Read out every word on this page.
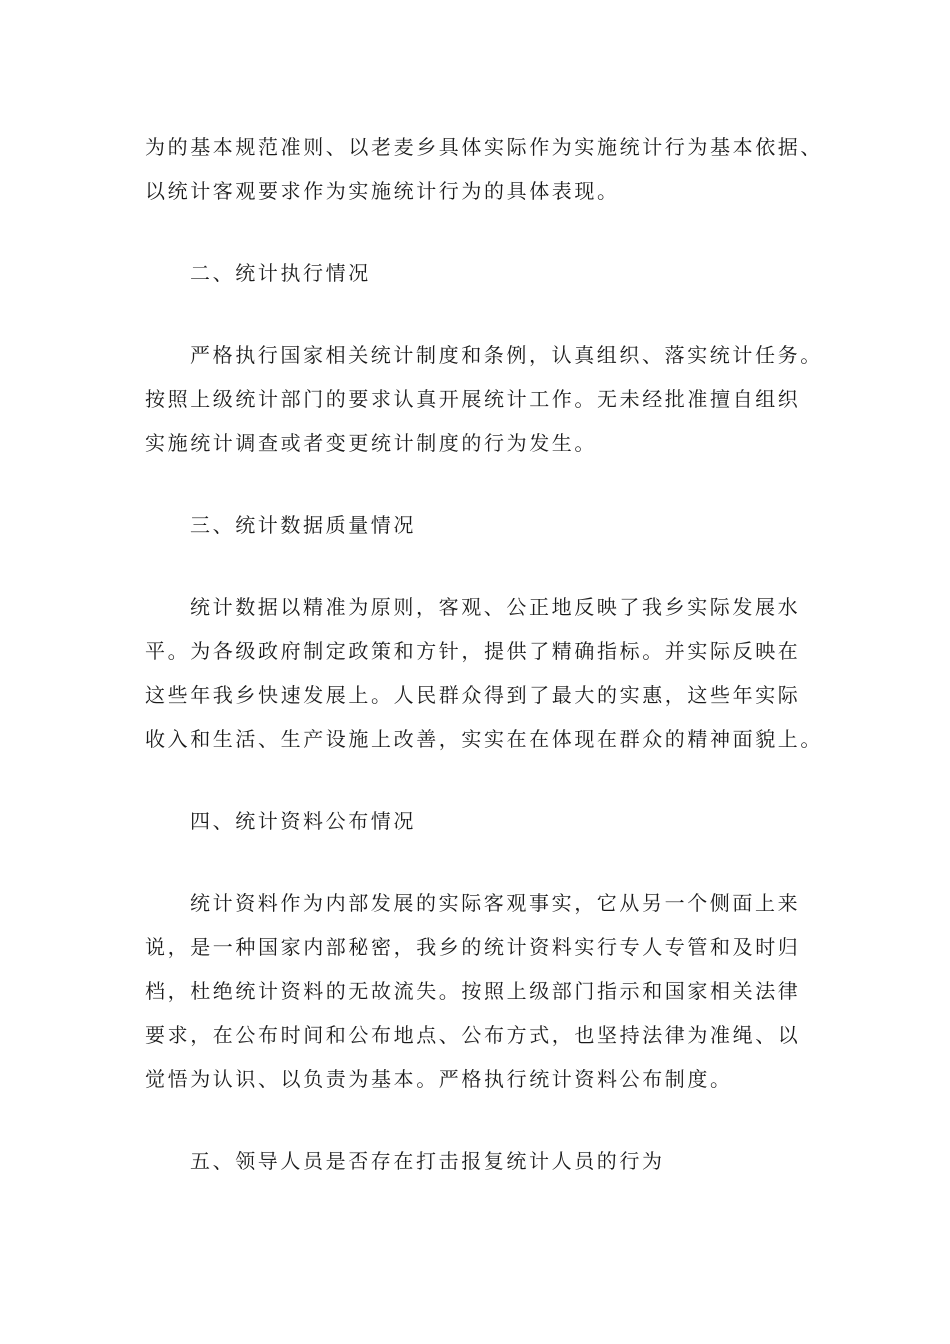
为的基本规范准则、以老麦乡具体实际作为实施统计行为基本依据、
以统计客观要求作为实施统计行为的具体表现。
二、统计执行情况
严格执行国家相关统计制度和条例，认真组织、落实统计任务。
按照上级统计部门的要求认真开展统计工作。无未经批准擅自组织
实施统计调查或者变更统计制度的行为发生。
三、统计数据质量情况
统计数据以精准为原则，客观、公正地反映了我乡实际发展水
平。为各级政府制定政策和方针，提供了精确指标。并实际反映在
这些年我乡快速发展上。人民群众得到了最大的实惠，这些年实际
收入和生活、生产设施上改善，实实在在体现在群众的精神面貌上。
四、统计资料公布情况
统计资料作为内部发展的实际客观事实，它从另一个侧面上来
说，是一种国家内部秘密，我乡的统计资料实行专人专管和及时归
档，杜绝统计资料的无故流失。按照上级部门指示和国家相关法律
要求，在公布时间和公布地点、公布方式，也坚持法律为准绳、以
觉悟为认识、以负责为基本。严格执行统计资料公布制度。
五、领导人员是否存在打击报复统计人员的行为
